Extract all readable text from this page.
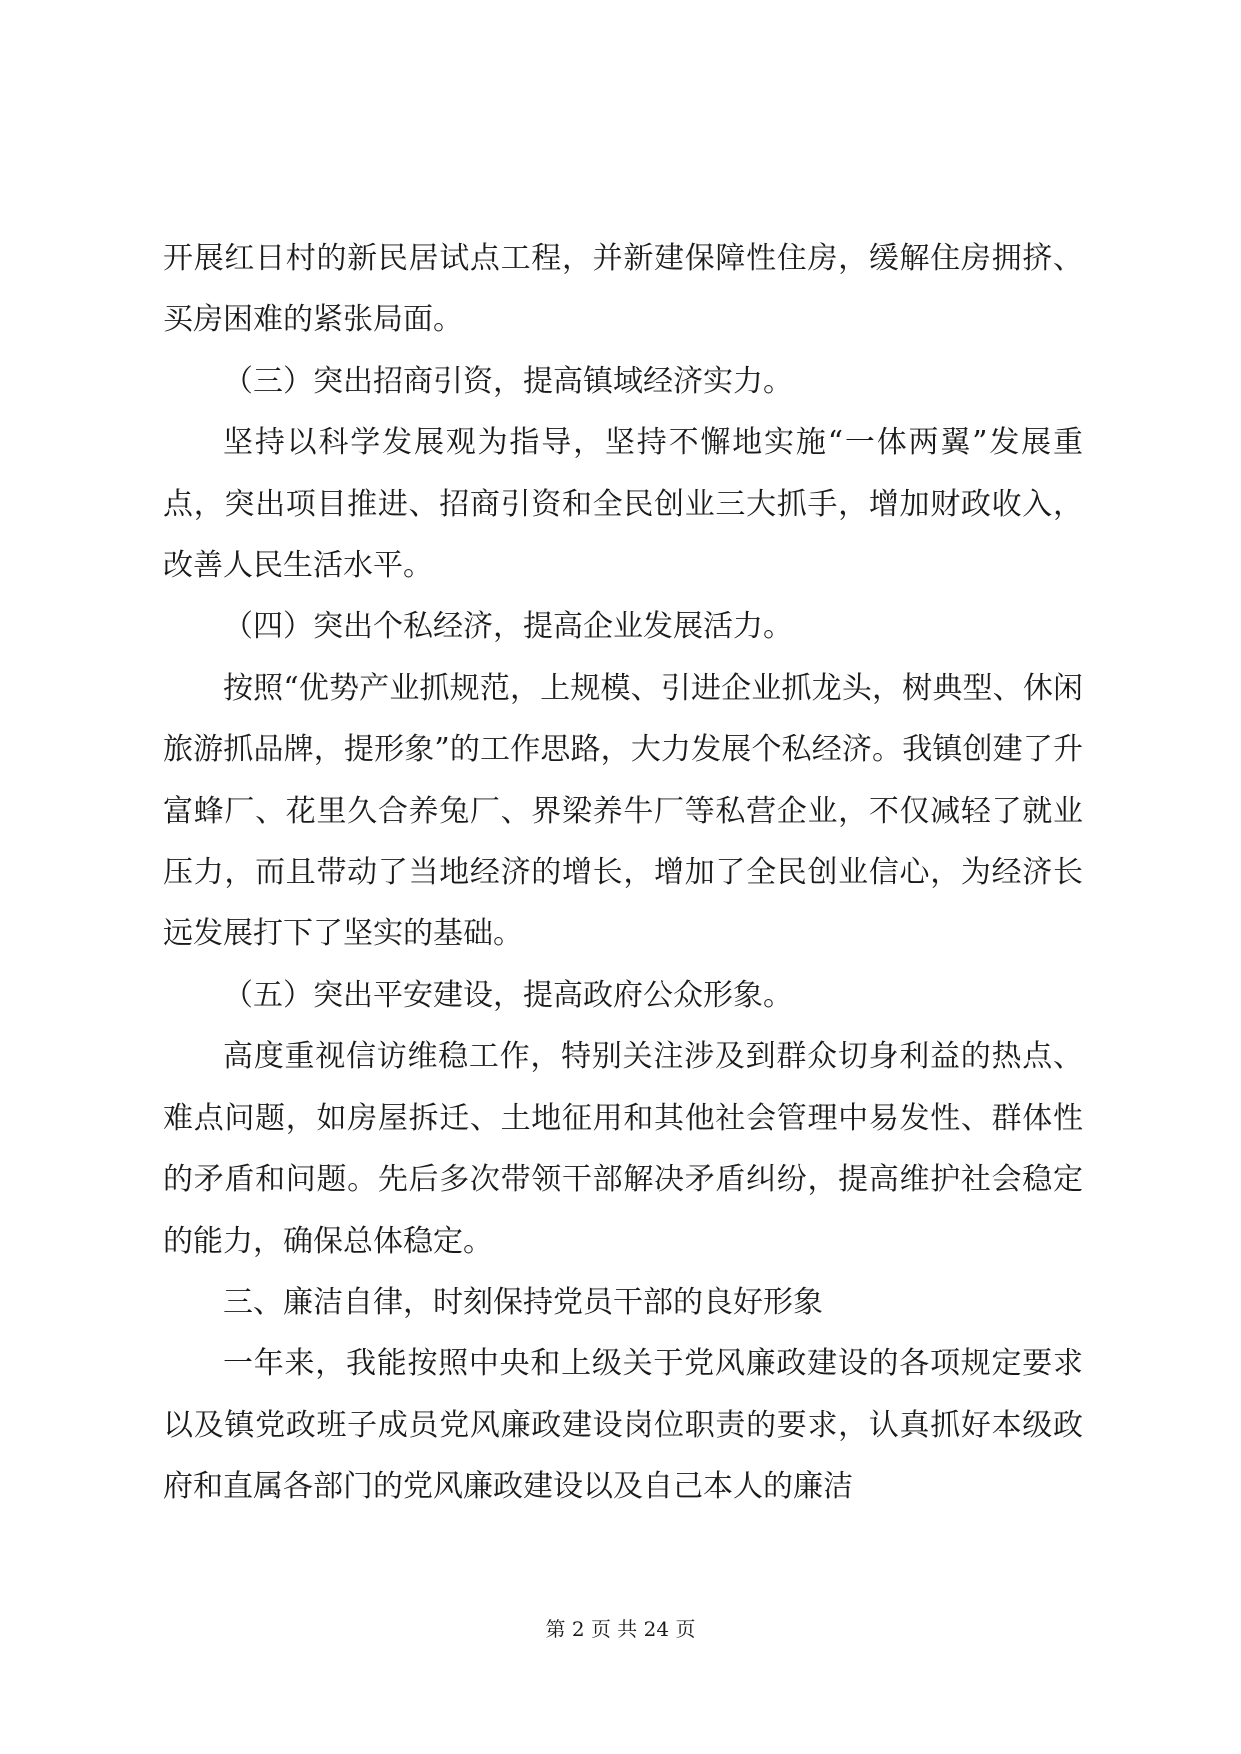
开展红日村的新民居试点工程，并新建保障性住房，缓解住房拥挤、买房困难的紧张局面。

（三）突出招商引资，提高镇域经济实力。

坚持以科学发展观为指导，坚持不懈地实施“一体两翼”发展重点，突出项目推进、招商引资和全民创业三大抓手，增加财政收入，改善人民生活水平。

（四）突出个私经济，提高企业发展活力。

按照“优势产业抓规范，上规模、引进企业抓龙头，树典型、休闲旅游抓品牌，提形象”的工作思路，大力发展个私经济。我镇创建了升富蜂厂、花里久合养兔厂、界梁养牛厂等私营企业，不仅减轻了就业压力，而且带动了当地经济的增长，增加了全民创业信心，为经济长远发展打下了坚实的基础。

（五）突出平安建设，提高政府公众形象。

高度重视信访维稳工作，特别关注涉及到群众切身利益的热点、难点问题，如房屋拆迁、土地征用和其他社会管理中易发性、群体性的矛盾和问题。先后多次带领干部解决矛盾纠纷，提高维护社会稳定的能力，确保总体稳定。

三、廉洁自律，时刻保持党员干部的良好形象

一年来，我能按照中央和上级关于党风廉政建设的各项规定要求以及镇党政班子成员党风廉政建设岗位职责的要求，认真抓好本级政府和直属各部门的党风廉政建设以及自己本人的廉洁

第 2 页 共 24 页
